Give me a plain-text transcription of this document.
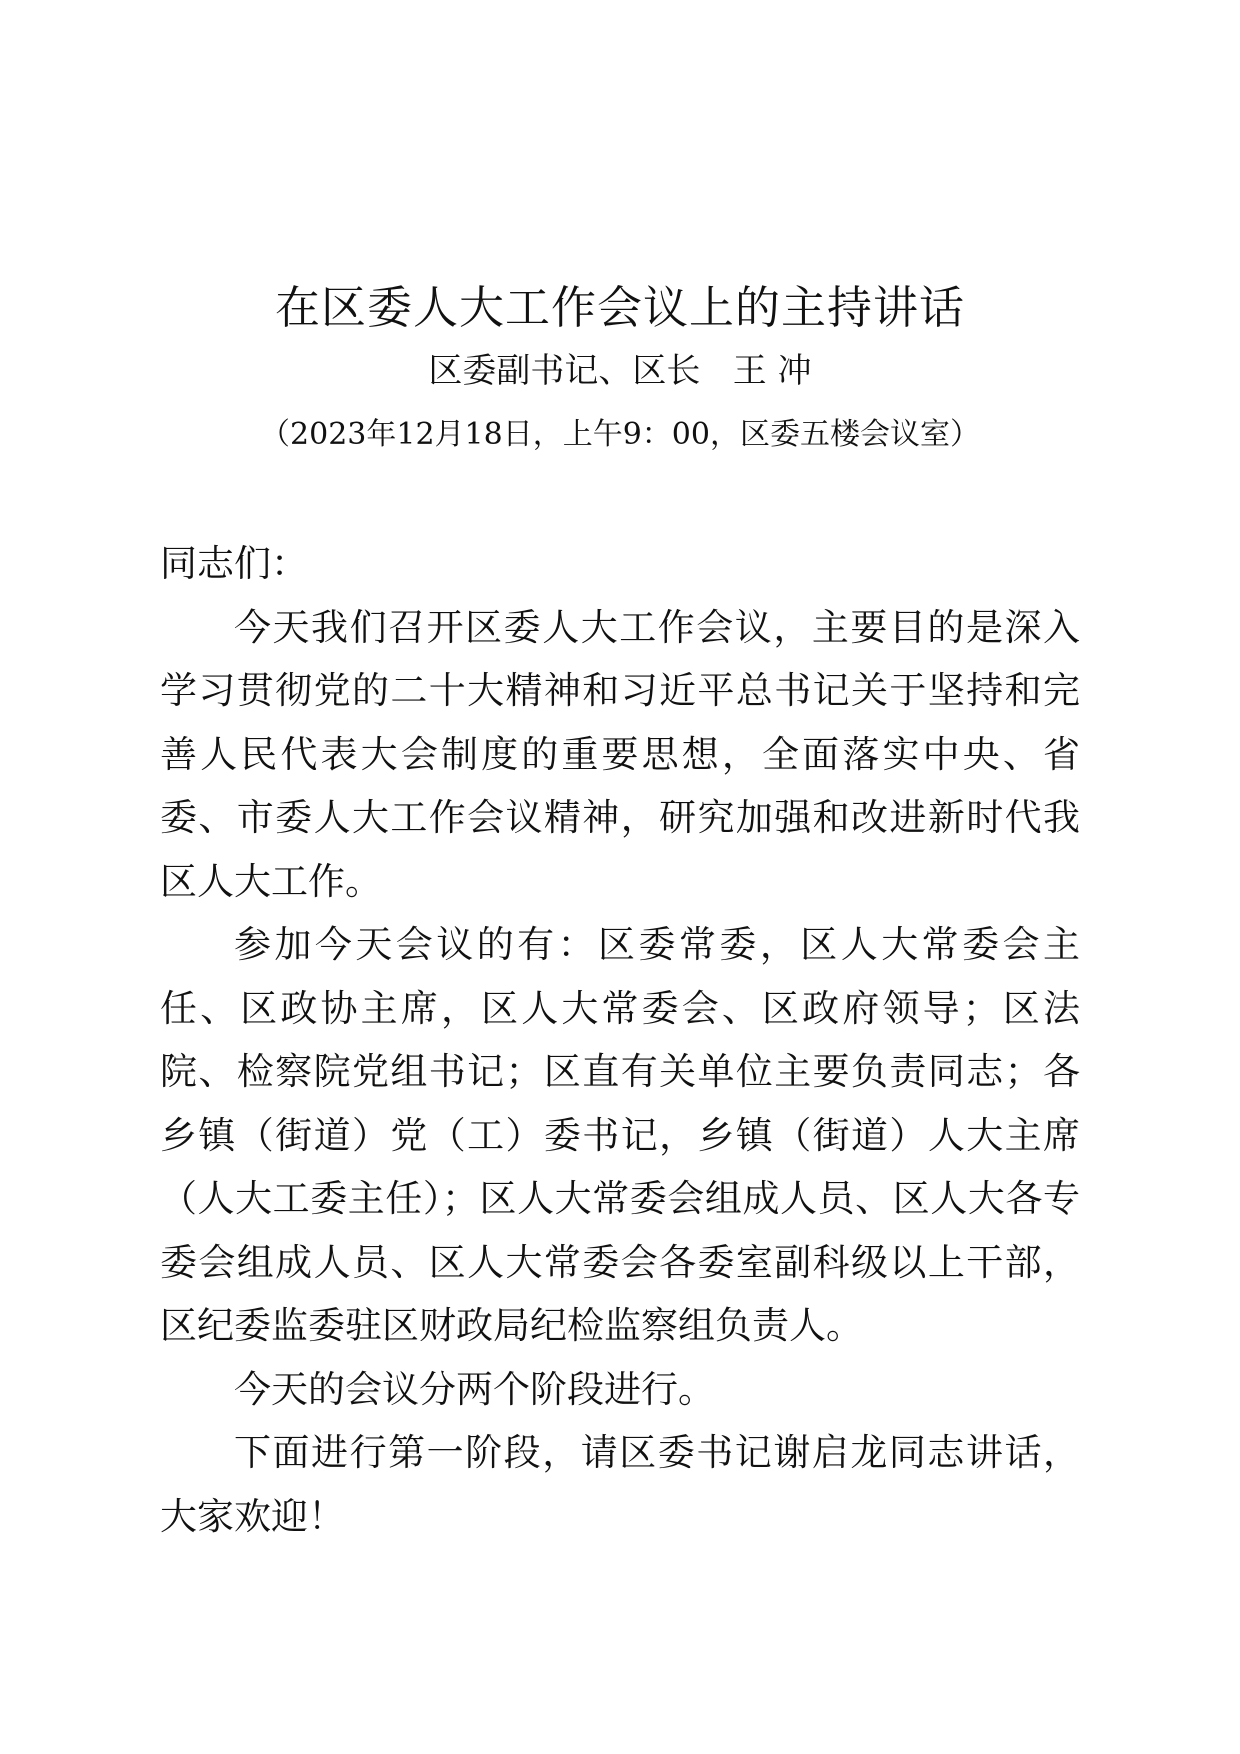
在区委人大工作会议上的主持讲话
区委副书记、区长   王 冲
（2023年12月18日，上午9：00，区委五楼会议室）

同志们：

今天我们召开区委人大工作会议，主要目的是深入学习贯彻党的二十大精神和习近平总书记关于坚持和完善人民代表大会制度的重要思想，全面落实中央、省委、市委人大工作会议精神，研究加强和改进新时代我区人大工作。

参加今天会议的有：区委常委，区人大常委会主任、区政协主席，区人大常委会、区政府领导；区法院、检察院党组书记；区直有关单位主要负责同志；各乡镇（街道）党（工）委书记，乡镇（街道）人大主席（人大工委主任）；区人大常委会组成人员、区人大各专委会组成人员、区人大常委会各委室副科级以上干部，区纪委监委驻区财政局纪检监察组负责人。

今天的会议分两个阶段进行。

下面进行第一阶段，请区委书记谢启龙同志讲话，大家欢迎！
